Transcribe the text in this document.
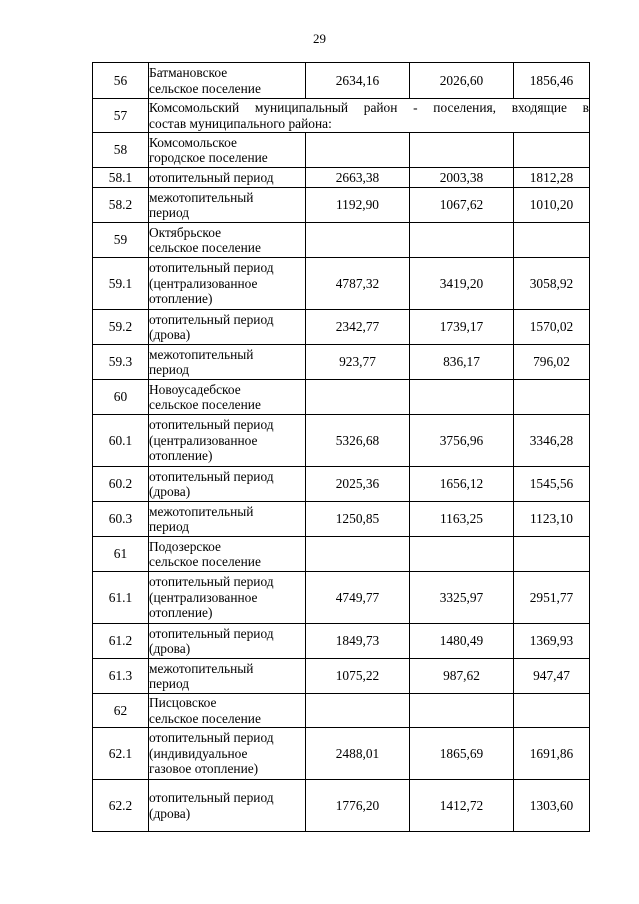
29
56	Батмановское
сельское поселение	2634,16	2026,60	1856,46
57	Комсомольский муниципальный район - поселения, входящие в
состав муниципального района:			

58	Комсомольское
городское поселение			

58.1	отопительный период	2663,38	2003,38	1812,28
58.2	межотопительный
период	1192,90	1067,62	1010,20
59	Октябрьское
сельское поселение			

59.1	отопительный период
(централизованное
отопление)	4787,32	3419,20	3058,92
59.2	отопительный период
(дрова)	2342,77	1739,17	1570,02
59.3	межотопительный
период	923,77	836,17	796,02
60	Новоусадебское
сельское поселение			

60.1	отопительный период
(централизованное
отопление)	5326,68	3756,96	3346,28
60.2	отопительный период
(дрова)	2025,36	1656,12	1545,56
60.3	межотопительный
период	1250,85	1163,25	1123,10
61	Подозерское
сельское поселение			

61.1	отопительный период
(централизованное
отопление)	4749,77	3325,97	2951,77
61.2	отопительный период
(дрова)	1849,73	1480,49	1369,93
61.3	межотопительный
период	1075,22	987,62	947,47
62	Писцовское
сельское поселение			

62.1	отопительный период
(индивидуальное
газовое отопление)	2488,01	1865,69	1691,86
62.2	отопительный период
(дрова)	1776,20	1412,72	1303,60
